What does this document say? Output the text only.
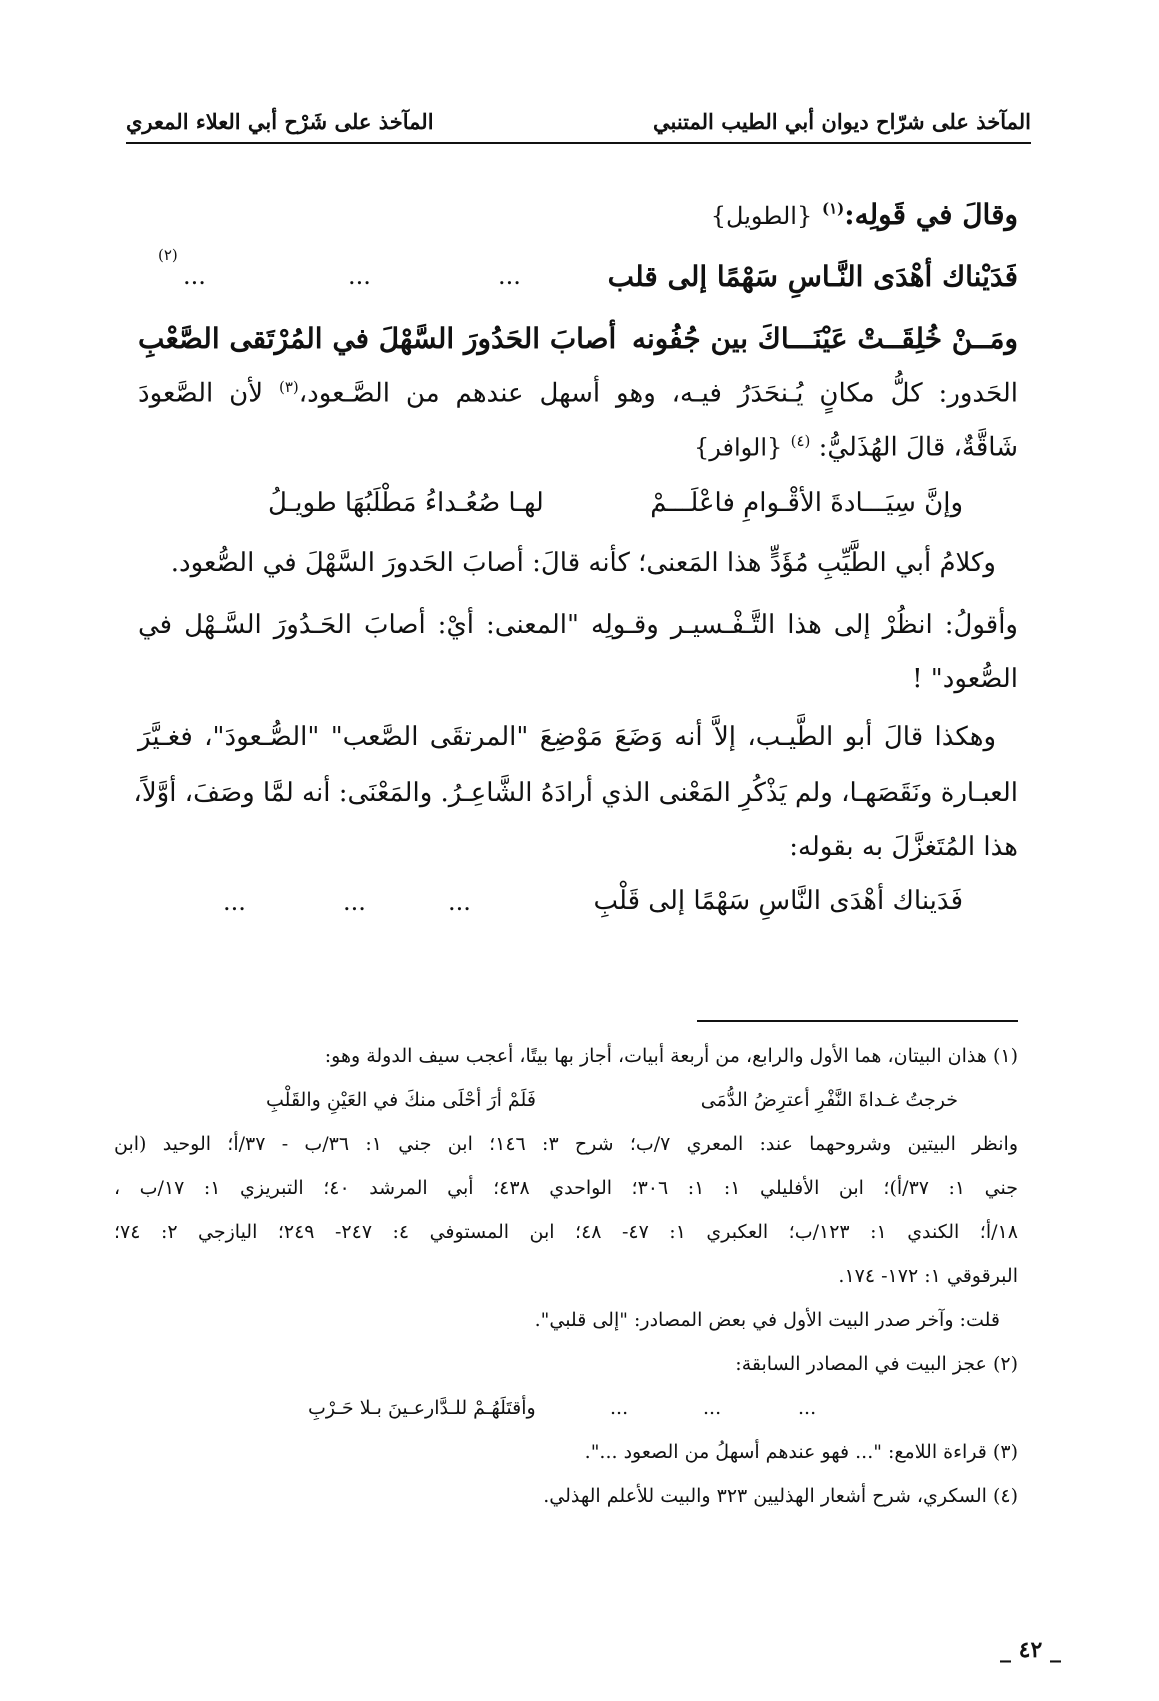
المآخذ على شرّاح ديوان أبي الطيب المتنبي
المآخذ على شَرْح أبي العلاء المعري
وقالَ في قَولِه:$^{(١)}$ {الطويل}
فَدَيْناك أهْدَى النَّـاسِ سَهْمًا إلى قلب
...
...
...
(٢)
ومَــنْ خُلِقَــتْ عَيْنَـــاكَ بين جُفُونه
أصابَ الحَدُورَ السَّهْلَ في المُرْتَقى الصَّعْبِ
الحَدور: كلُّ مكانٍ يُـنحَدَرُ فيـه، وهو أسهل عندهم من الصَّـعود،$^{(٣)}$ لأن الصَّعودَ
شَاقَّةٌ، قالَ الهُذَليُّ: $^{(٤)}$ {الوافر}
وإنَّ سِيَـــادةَ الأقْـوامِ فاعْلَـــمْ
لهـا صُعُـداءُ مَطْلَبُهَا طويـلُ
وكلامُ أبي الطَّيِّبِ مُؤَدٍّ هذا المَعنى؛ كأنه قالَ: أصابَ الحَدورَ السَّهْلَ في الصُّعود.
وأقولُ: انظُرْ إلى هذا التَّـفْـسيـر وقـولِه "المعنى: أيْ: أصابَ الحَـدُورَ السَّـهْل في
الصُّعود" !
وهكذا قالَ أبو الطَّيـب، إلاَّ أنه وَضَعَ مَوْضِعَ "المرتقَى الصَّعب" "الصُّـعودَ"، فغـيَّرَ
العبـارة ونَقَصَهـا، ولم يَذْكُرِ المَعْنى الذي أرادَهُ الشَّاعِـرُ. والمَعْنَى: أنه لمَّا وصَفَ، أوَّلاً،
هذا المُتَغزَّلَ به بقوله:
فَدَيناك أهْدَى النَّاسِ سَهْمًا إلى قَلْبِ
...
...
...
(١) هذان البيتان، هما الأول والرابع، من أربعة أبيات، أجاز بها بيتًا، أعجب سيف الدولة وهو:
خرجتُ غـداةَ النَّفْرِ أعترِضُ الدُّمَى
فَلَمْ أرَ أحْلَى منكَ في العَيْنِ والقَلْبِ
وانظر البيتين وشروحهما عند: المعري ٧/ب؛ شرح ٣: ١٤٦؛ ابن جني ١: ٣٦/ب - ٣٧/أ؛ الوحيد (ابن
جني ١: ٣٧/أ)؛ ابن الأفليلي ١: ١: ٣٠٦؛ الواحدي ٤٣٨؛ أبي المرشد ٤٠؛ التبريزي ١: ١٧/ب ،
١٨/أ؛ الكندي ١: ١٢٣/ب؛ العكبري ١: ٤٧- ٤٨؛ ابن المستوفي ٤: ٢٤٧- ٢٤٩؛ اليازجي ٢: ٧٤؛
البرقوقي ١: ١٧٢- ١٧٤.
قلت: وآخر صدر البيت الأول في بعض المصادر: "إلى قلبي".
(٢) عجز البيت في المصادر السابقة:
...
...
...
وأقتَلَهُـمْ للـدَّارعـينَ بـلا حَـرْبِ
(٣) قراءة اللامع: "... فهو عندهم أسهلُ من الصعود ...".
(٤) السكري، شرح أشعار الهذليين ٣٢٣ والبيت للأعلم الهذلي.
_ ٤٢ _
